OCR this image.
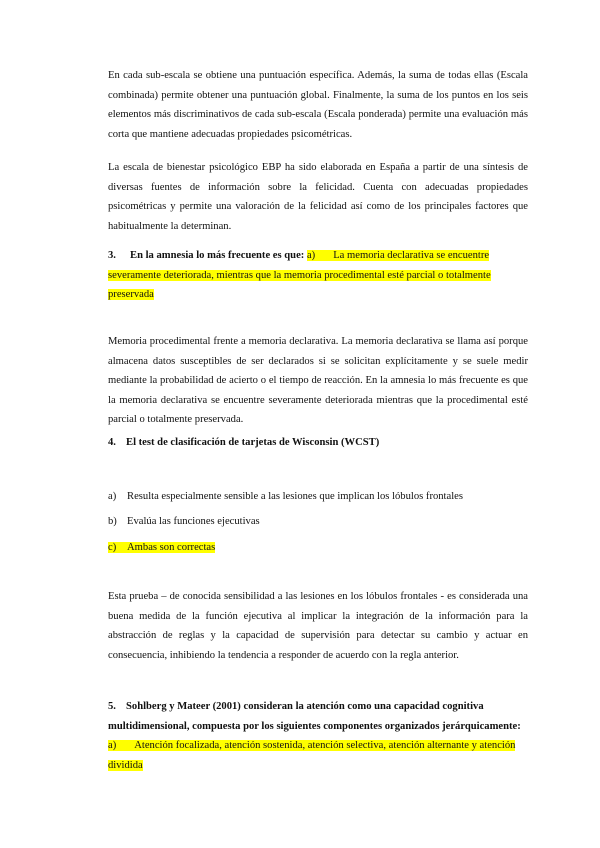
En cada sub-escala se obtiene una puntuación específica. Además, la suma de todas ellas (Escala combinada) permite obtener una puntuación global. Finalmente, la suma de los puntos en los seis elementos más discriminativos de cada sub-escala (Escala ponderada) permite una evaluación más corta que mantiene adecuadas propiedades psicométricas.

La escala de bienestar psicológico EBP ha sido elaborada en España a partir de una síntesis de diversas fuentes de información sobre la felicidad. Cuenta con adecuadas propiedades psicométricas y permite una valoración de la felicidad así como de los principales factores que habitualmente la determinan.

3. En la amnesia lo más frecuente es que: a) La memoria declarativa se encuentre severamente deteriorada, mientras que la memoria procedimental esté parcial o totalmente preservada

Memoria procedimental frente a memoria declarativa. La memoria declarativa se llama así porque almacena datos susceptibles de ser declarados si se solicitan explícitamente y se suele medir mediante la probabilidad de acierto o el tiempo de reacción. En la amnesia lo más frecuente es que la memoria declarativa se encuentre severamente deteriorada mientras que la procedimental esté parcial o totalmente preservada.

4. El test de clasificación de tarjetas de Wisconsin (WCST)
a) Resulta especialmente sensible a las lesiones que implican los lóbulos frontales
b) Evalúa las funciones ejecutivas
c) Ambas son correctas

Esta prueba – de conocida sensibilidad a las lesiones en los lóbulos frontales - es considerada una buena medida de la función ejecutiva al implicar la integración de la información para la abstracción de reglas y la capacidad de supervisión para detectar su cambio y actuar en consecuencia, inhibiendo la tendencia a responder de acuerdo con la regla anterior.

5. Sohlberg y Mateer (2001) consideran la atención como una capacidad cognitiva multidimensional, compuesta por los siguientes componentes organizados jerárquicamente: a) Atención focalizada, atención sostenida, atención selectiva, atención alternante y atención dividida
